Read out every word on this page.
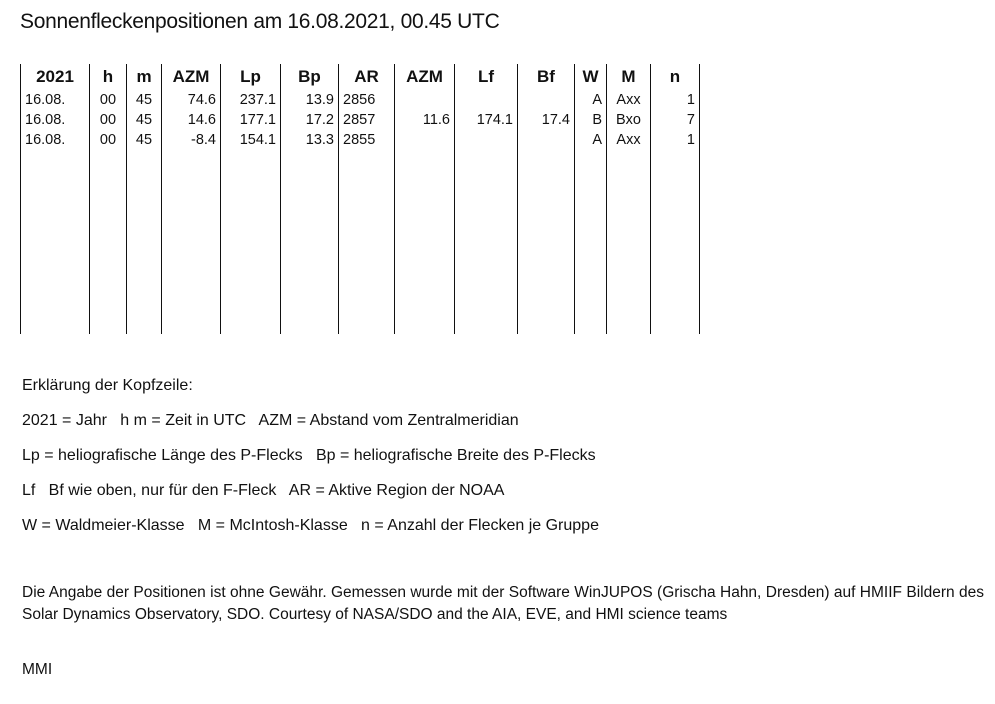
Sonnenfleckenpositionen am 16.08.2021, 00.45 UTC
2021
16.08.
16.08.
16.08.
h
00
00
00
m
45
45
45
AZM
74.6
14.6
-8.4
Lp
237.1
177.1
154.1
Bp
13.9
17.2
13.3
AR
2856
2857
2855
AZM
11.6
Lf
174.1
Bf
17.4
W
A
B
A
M
Axx
Bxo
Axx
n
1
7
1
Erklärung der Kopfzeile:
2021 = Jahr   h m = Zeit in UTC   AZM = Abstand vom Zentralmeridian
Lp = heliografische Länge des P-Flecks   Bp = heliografische Breite des P-Flecks
Lf   Bf wie oben, nur für den F-Fleck   AR = Aktive Region der NOAA
W = Waldmeier-Klasse   M = McIntosh-Klasse   n = Anzahl der Flecken je Gruppe
Die Angabe der Positionen ist ohne Gewähr. Gemessen wurde mit der Software WinJUPOS (Grischa Hahn, Dresden) auf HMIIF Bildern des Solar Dynamics Observatory, SDO. Courtesy of NASA/SDO and the AIA, EVE, and HMI science teams
MMI
